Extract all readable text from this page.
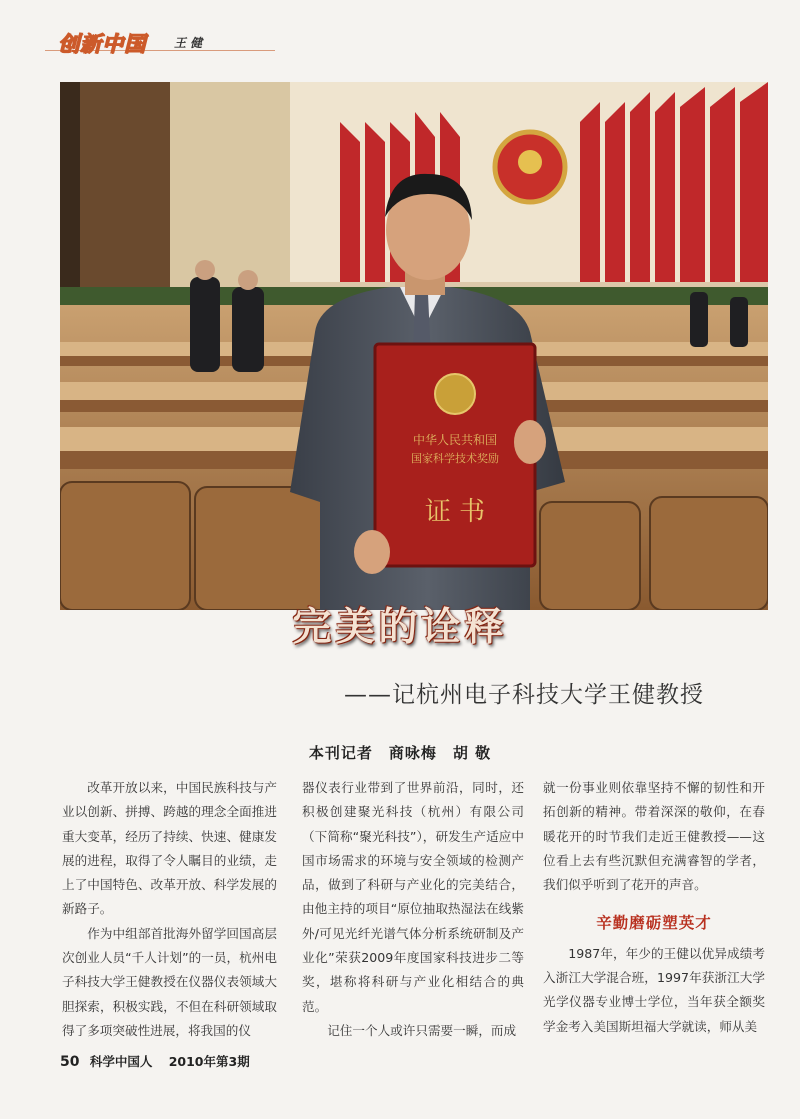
创新中国 王 健
中华人民共和国
国家科学技术奖励
证 书
完美的诠释
——记杭州电子科技大学王健教授
本刊记者　商咏梅　胡 敬

改革开放以来，中国民族科技与产业以创新、拼搏、跨越的理念全面推进重大变革，经历了持续、快速、健康发展的进程，取得了令人瞩目的业绩，走上了中国特色、改革开放、科学发展的新路子。

作为中组部首批海外留学回国高层次创业人员“千人计划”的一员，杭州电子科技大学王健教授在仪器仪表领域大胆探索，积极实践，不但在科研领域取得了多项突破性进展，将我国的仪

器仪表行业带到了世界前沿，同时，还积极创建聚光科技（杭州）有限公司（下简称“聚光科技”），研发生产适应中国市场需求的环境与安全领域的检测产品，做到了科研与产业化的完美结合，由他主持的项目“原位抽取热湿法在线紫外/可见光纤光谱气体分析系统研制及产业化”荣获2009年度国家科技进步二等奖，堪称将科研与产业化相结合的典范。

记住一个人或许只需要一瞬，而成

就一份事业则依靠坚持不懈的韧性和开拓创新的精神。带着深深的敬仰，在春暖花开的时节我们走近王健教授——这位看上去有些沉默但充满睿智的学者，我们似乎听到了花开的声音。

辛勤磨砺塑英才

1987年，年少的王健以优异成绩考入浙江大学混合班，1997年获浙江大学光学仪器专业博士学位，当年获全额奖学金考入美国斯坦福大学就读，师从美

50 科学中国人 2010年第3期
